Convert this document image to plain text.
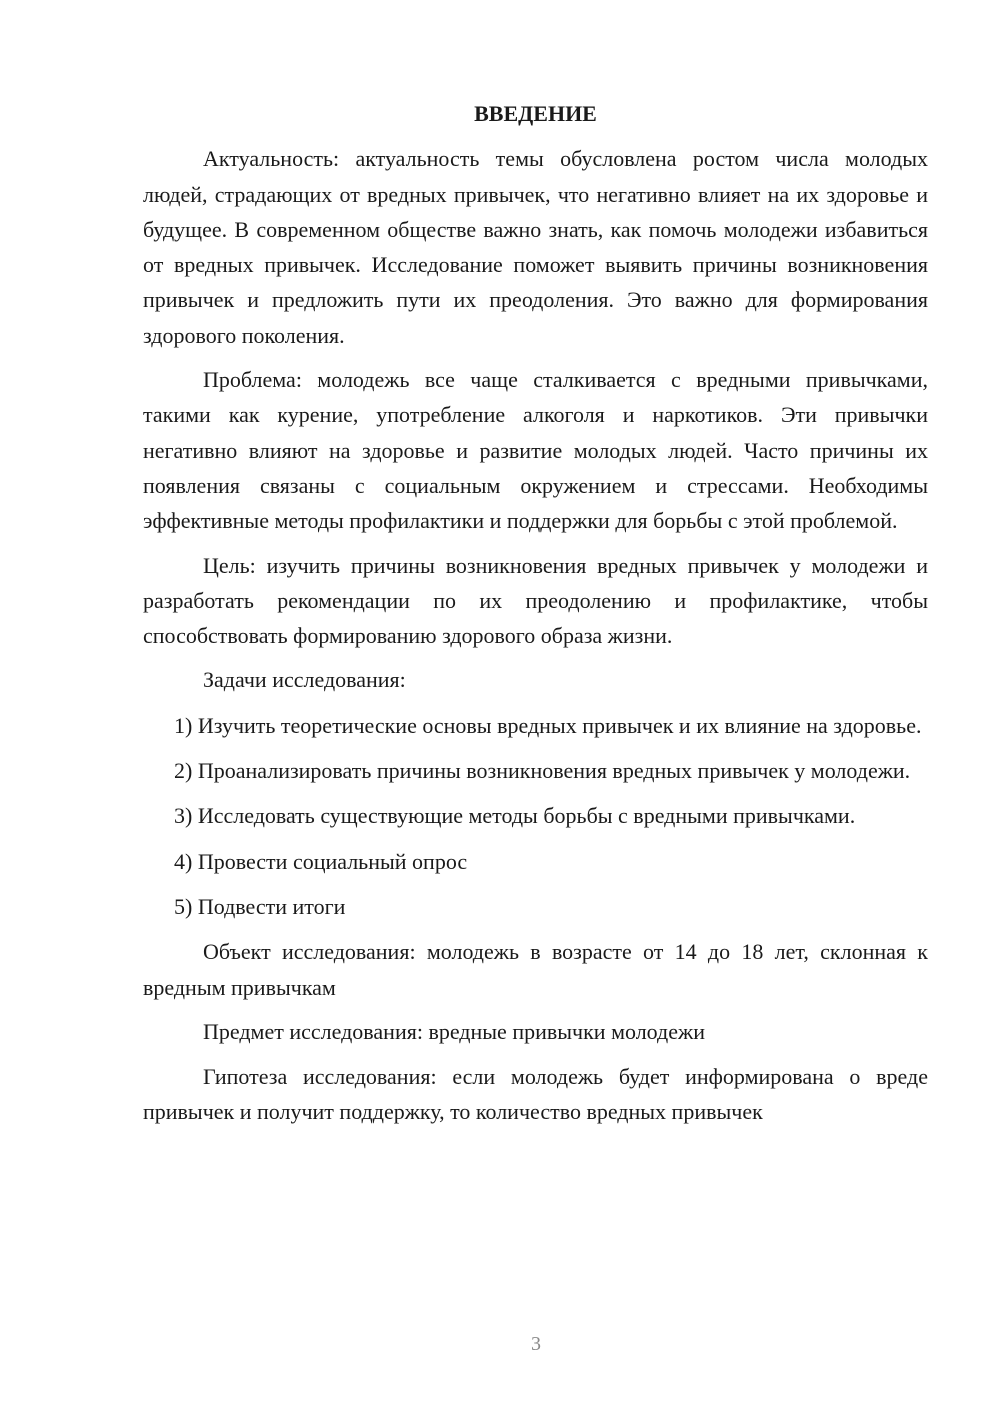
ВВЕДЕНИЕ

Актуальность: актуальность темы обусловлена ростом числа молодых людей, страдающих от вредных привычек, что негативно влияет на их здоровье и будущее. В современном обществе важно знать, как помочь молодежи избавиться от вредных привычек. Исследование поможет выявить причины возникновения привычек и предложить пути их преодоления. Это важно для формирования здорового поколения.

Проблема: молодежь все чаще сталкивается с вредными привычками, такими как курение, употребление алкоголя и наркотиков. Эти привычки негативно влияют на здоровье и развитие молодых людей. Часто причины их появления связаны с социальным окружением и стрессами. Необходимы эффективные методы профилактики и поддержки для борьбы с этой проблемой.

Цель: изучить причины возникновения вредных привычек у молодежи и разработать рекомендации по их преодолению и профилактике, чтобы способствовать формированию здорового образа жизни.

Задачи исследования:

1) Изучить теоретические основы вредных привычек и их влияние на здоровье.

2) Проанализировать причины возникновения вредных привычек у молодежи.

3) Исследовать существующие методы борьбы с вредными привычками.

4) Провести социальный опрос

5) Подвести итоги

Объект исследования: молодежь в возрасте от 14 до 18 лет, склонная к вредным привычкам

Предмет исследования: вредные привычки молодежи

Гипотеза исследования: если молодежь будет информирована о вреде привычек и получит поддержку, то количество вредных привычек

3
